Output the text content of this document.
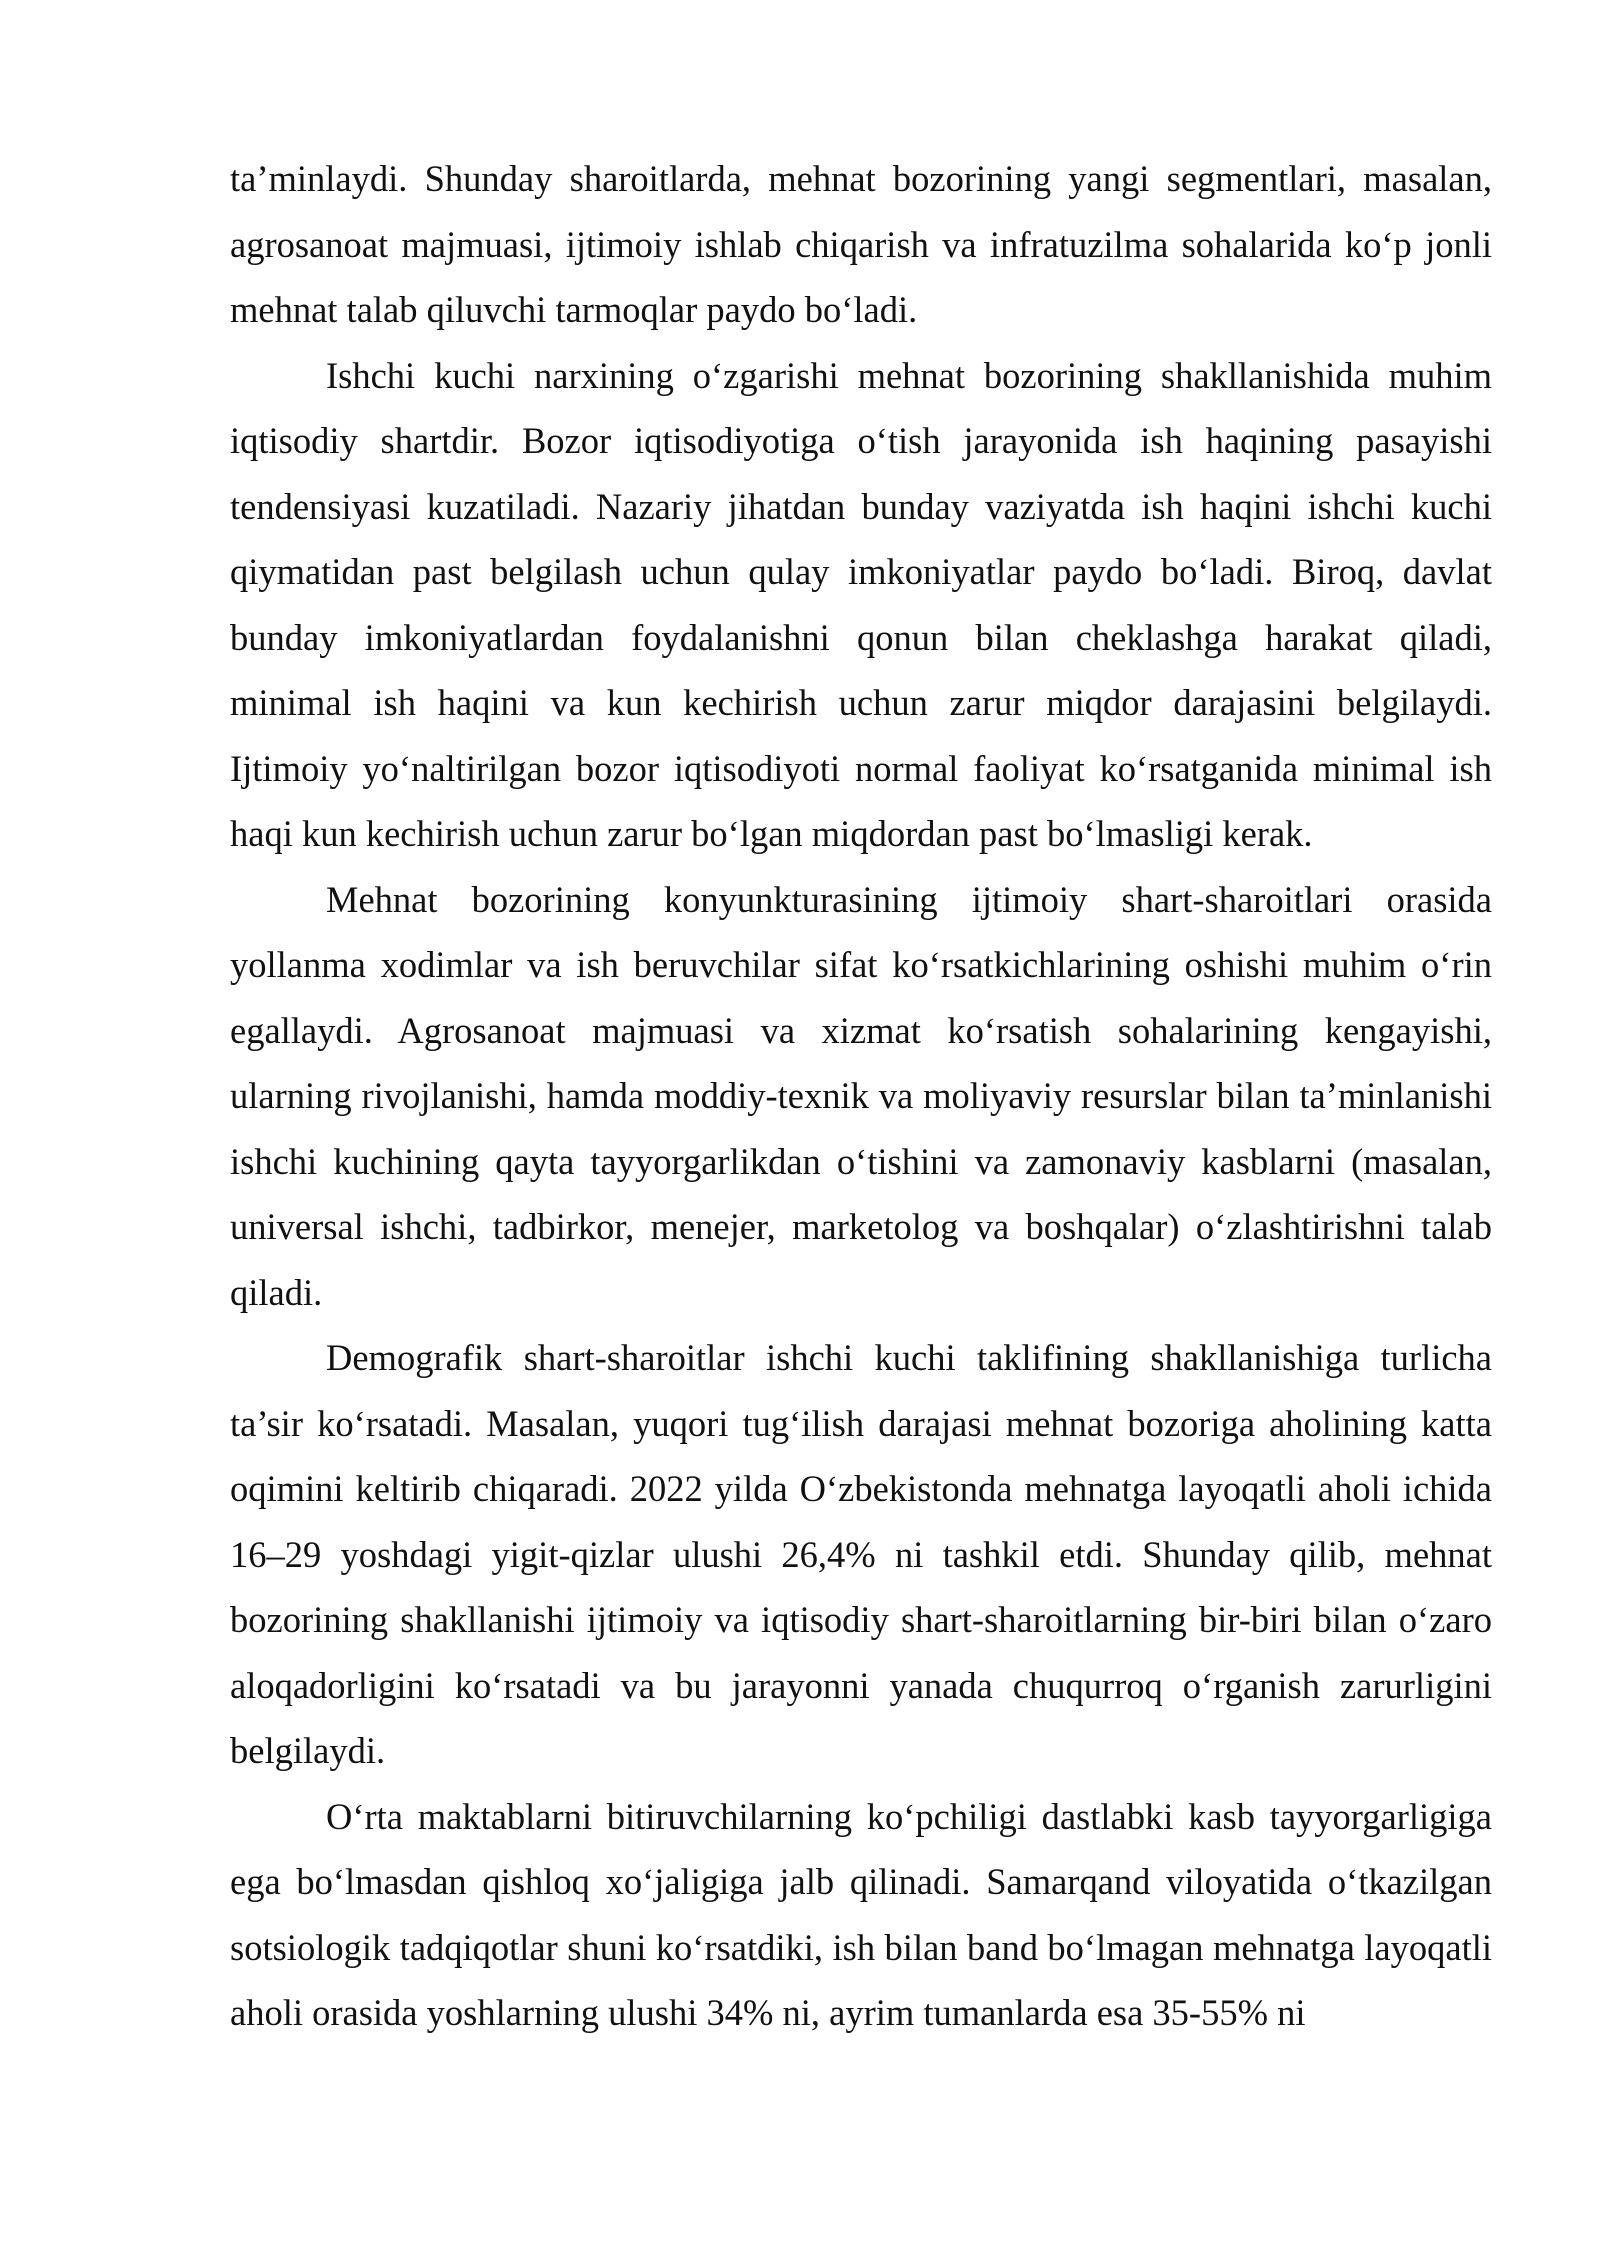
ta’minlaydi. Shunday sharoitlarda, mehnat bozorining yangi segmentlari, masalan, agrosanoat majmuasi, ijtimoiy ishlab chiqarish va infratuzilma sohalarida ko‘p jonli mehnat talab qiluvchi tarmoqlar paydo bo‘ladi.

Ishchi kuchi narxining o‘zgarishi mehnat bozorining shakllanishida muhim iqtisodiy shartdir. Bozor iqtisodiyotiga o‘tish jarayonida ish haqining pasayishi tendensiyasi kuzatiladi. Nazariy jihatdan bunday vaziyatda ish haqini ishchi kuchi qiymatidan past belgilash uchun qulay imkoniyatlar paydo bo‘ladi. Biroq, davlat bunday imkoniyatlardan foydalanishni qonun bilan cheklashga harakat qiladi, minimal ish haqini va kun kechirish uchun zarur miqdor darajasini belgilaydi. Ijtimoiy yo‘naltirilgan bozor iqtisodiyoti normal faoliyat ko‘rsatganida minimal ish haqi kun kechirish uchun zarur bo‘lgan miqdordan past bo‘lmasligi kerak.

Mehnat bozorining konyunkturasining ijtimoiy shart-sharoitlari orasida yollanma xodimlar va ish beruvchilar sifat ko‘rsatkichlarining oshishi muhim o‘rin egallaydi. Agrosanoat majmuasi va xizmat ko‘rsatish sohalarining kengayishi, ularning rivojlanishi, hamda moddiy-texnik va moliyaviy resurslar bilan ta’minlanishi ishchi kuchining qayta tayyorgarlikdan o‘tishini va zamonaviy kasblarni (masalan, universal ishchi, tadbirkor, menejer, marketolog va boshqalar) o‘zlashtirishni talab qiladi.

Demografik shart-sharoitlar ishchi kuchi taklifining shakllanishiga turlicha ta’sir ko‘rsatadi. Masalan, yuqori tug‘ilish darajasi mehnat bozoriga aholining katta oqimini keltirib chiqaradi. 2022 yilda O‘zbekistonda mehnatga layoqatli aholi ichida 16–29 yoshdagi yigit-qizlar ulushi 26,4% ni tashkil etdi. Shunday qilib, mehnat bozorining shakllanishi ijtimoiy va iqtisodiy shart-sharoitlarning bir-biri bilan o‘zaro aloqadorligini ko‘rsatadi va bu jarayonni yanada chuqurroq o‘rganish zarurligini belgilaydi.

O‘rta maktablarni bitiruvchilarning ko‘pchiligi dastlabki kasb tayyorgarligiga ega bo‘lmasdan qishloq xo‘jaligiga jalb qilinadi. Samarqand viloyatida o‘tkazilgan sotsiologik tadqiqotlar shuni ko‘rsatdiki, ish bilan band bo‘lmagan mehnatga layoqatli aholi orasida yoshlarning ulushi 34% ni, ayrim tumanlarda esa 35-55% ni
